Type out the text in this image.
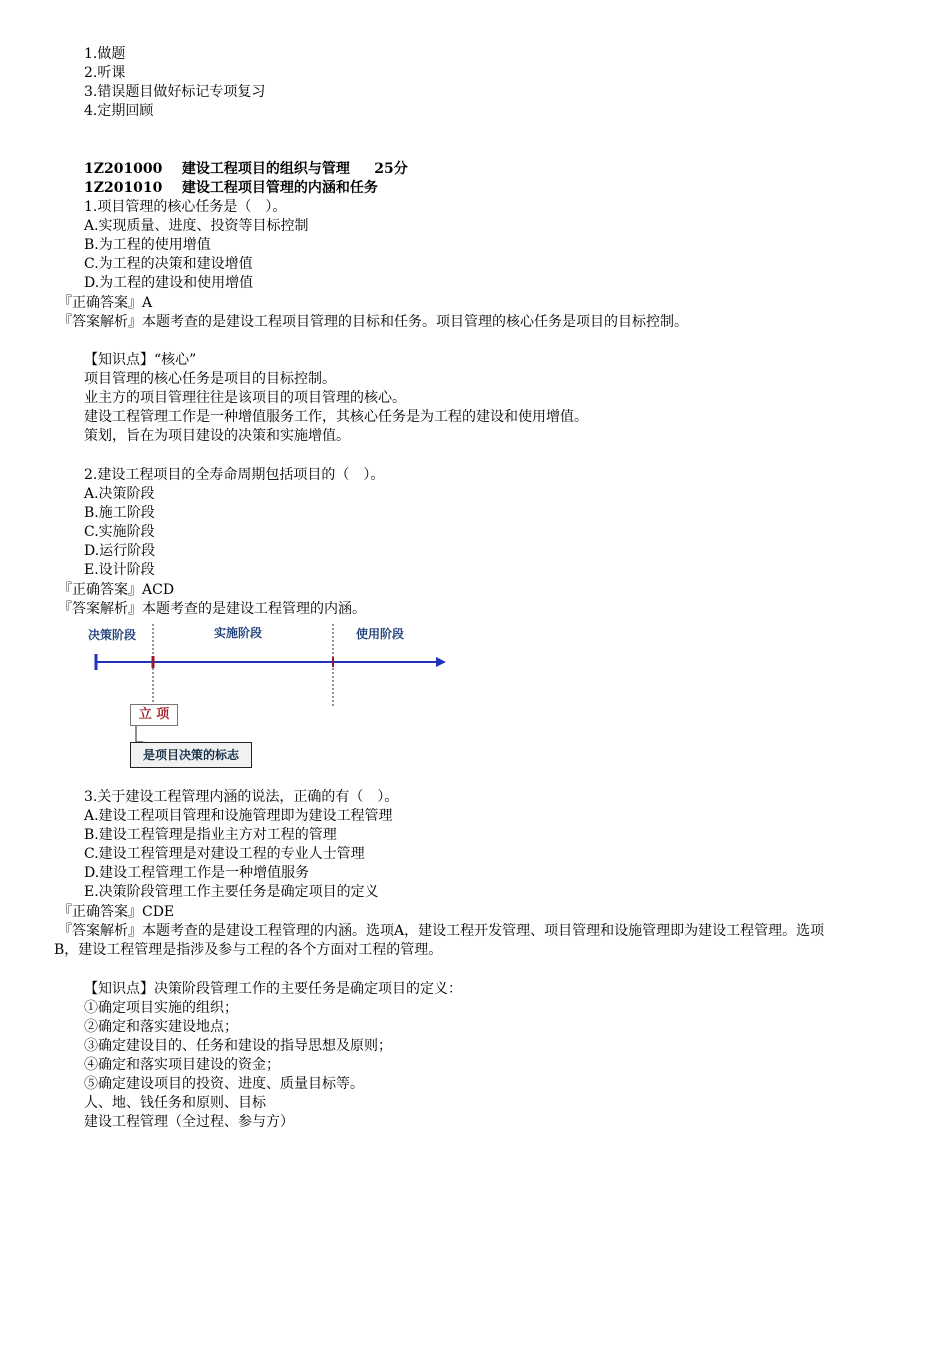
1.做题
2.听课
3.错误题目做好标记专项复习
4.定期回顾
1Z201000 建设工程项目的组织与管理 25分
1Z201010 建设工程项目管理的内涵和任务
1.项目管理的核心任务是（　）。
A.实现质量、进度、投资等目标控制
B.为工程的使用增值
C.为工程的决策和建设增值
D.为工程的建设和使用增值
『正确答案』A
『答案解析』本题考查的是建设工程项目管理的目标和任务。项目管理的核心任务是项目的目标控制。
【知识点】“核心”
项目管理的核心任务是项目的目标控制。
业主方的项目管理往往是该项目的项目管理的核心。
建设工程管理工作是一种增值服务工作，其核心任务是为工程的建设和使用增值。
策划，旨在为项目建设的决策和实施增值。
2.建设工程项目的全寿命周期包括项目的（　）。
A.决策阶段
B.施工阶段
C.实施阶段
D.运行阶段
E.设计阶段
『正确答案』ACD
『答案解析』本题考查的是建设工程管理的内涵。
决策阶段	实施阶段	使用阶段
立 项
是项目决策的标志
3.关于建设工程管理内涵的说法，正确的有（　）。
A.建设工程项目管理和设施管理即为建设工程管理
B.建设工程管理是指业主方对工程的管理
C.建设工程管理是对建设工程的专业人士管理
D.建设工程管理工作是一种增值服务
E.决策阶段管理工作主要任务是确定项目的定义
『正确答案』CDE
『答案解析』本题考查的是建设工程管理的内涵。选项A，建设工程开发管理、项目管理和设施管理即为建设工程管理。选项
B，建设工程管理是指涉及参与工程的各个方面对工程的管理。
【知识点】决策阶段管理工作的主要任务是确定项目的定义：
①确定项目实施的组织；
②确定和落实建设地点；
③确定建设目的、任务和建设的指导思想及原则；
④确定和落实项目建设的资金；
⑤确定建设项目的投资、进度、质量目标等。
人、地、钱任务和原则、目标
建设工程管理（全过程、参与方）
